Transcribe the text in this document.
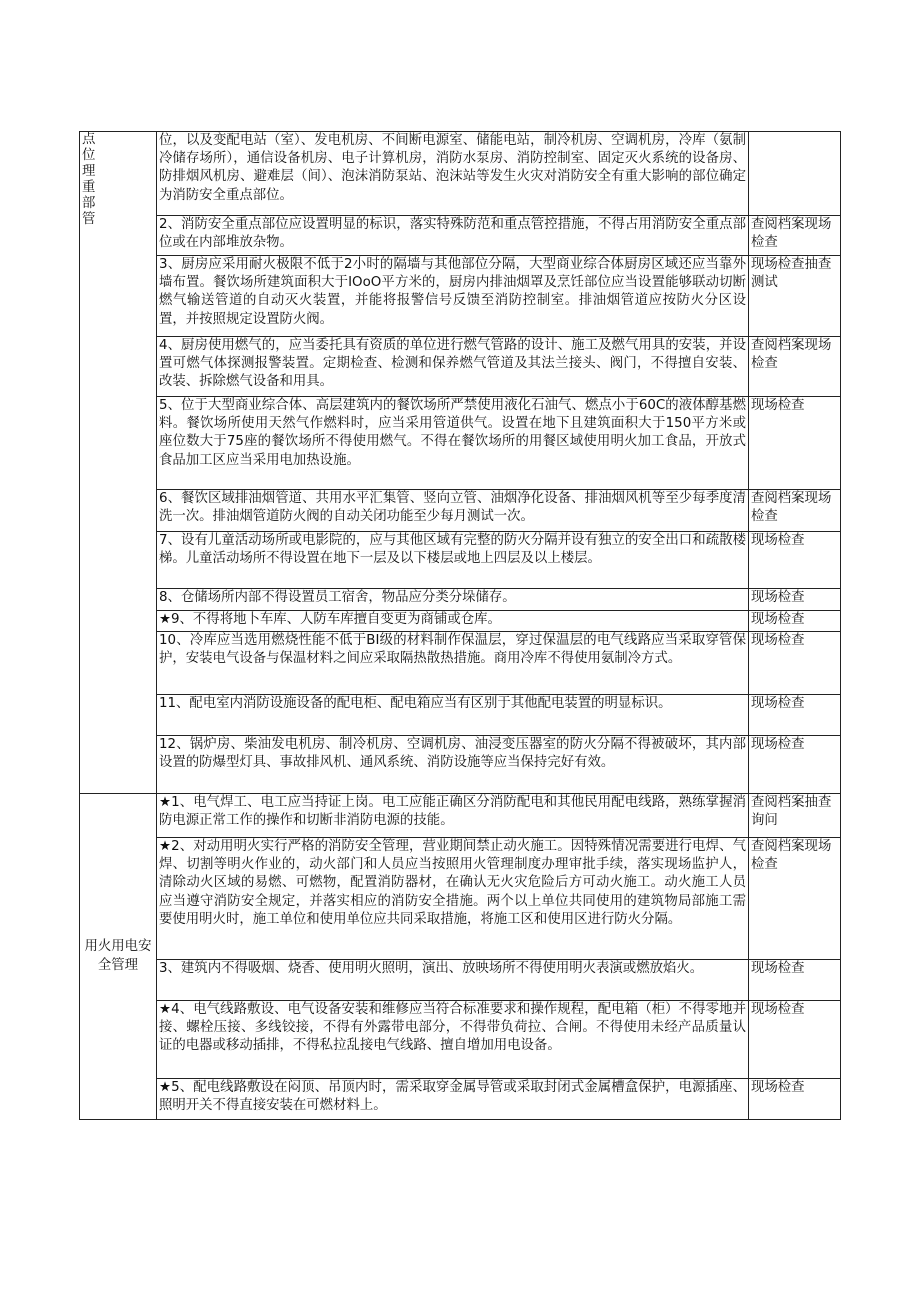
点位理重部管	位，以及变配电站（室）、发电机房、不间断电源室、储能电站，制冷机房、空调机房，冷库（氨制冷储存场所），通信设备机房、电子计算机房，消防水泵房、消防控制室、固定灭火系统的设备房、防排烟风机房、避难层（间）、泡沫消防泵站、泡沫站等发生火灾对消防安全有重大影响的部位确定为消防安全重点部位。	
	2、消防安全重点部位应设置明显的标识，落实特殊防范和重点管控措施，不得占用消防安全重点部位或在内部堆放杂物。	查阅档案现场检查
	3、厨房应采用耐火极限不低于2小时的隔墙与其他部位分隔，大型商业综合体厨房区域还应当靠外墙布置。餐饮场所建筑面积大于IOoO平方米的，厨房内排油烟罩及烹饪部位应当设置能够联动切断燃气输送管道的自动灭火装置，并能将报警信号反馈至消防控制室。排油烟管道应按防火分区设置，并按照规定设置防火阀。	现场检查抽查测试
	4、厨房使用燃气的，应当委托具有资质的单位进行燃气管路的设计、施工及燃气用具的安装，并设置可燃气体探测报警装置。定期检查、检测和保养燃气管道及其法兰接头、阀门，不得擅自安装、改装、拆除燃气设备和用具。	查阅档案现场检查
	5、位于大型商业综合体、高层建筑内的餐饮场所严禁使用液化石油气、燃点小于60C的液体醇基燃料。餐饮场所使用天然气作燃料时，应当采用管道供气。设置在地下且建筑面积大于150平方米或座位数大于75座的餐饮场所不得使用燃气。不得在餐饮场所的用餐区域使用明火加工食品，开放式食品加工区应当采用电加热设施。	现场检查
	6、餐饮区域排油烟管道、共用水平汇集管、竖向立管、油烟净化设备、排油烟风机等至少每季度清洗一次。排油烟管道防火阀的自动关闭功能至少每月测试一次。	查阅档案现场检查
	7、设有儿童活动场所或电影院的，应与其他区域有完整的防火分隔并设有独立的安全出口和疏散楼梯。儿童活动场所不得设置在地下一层及以下楼层或地上四层及以上楼层。	现场检查
	8、仓储场所内部不得设置员工宿舍，物品应分类分垛储存。	现场检查
	★9、不得将地卜车库、人防车库擅自变更为商铺或仓库。	现场检查
	10、冷库应当选用燃烧性能不低于BI级的材料制作保温层，穿过保温层的电气线路应当采取穿管保护，安装电气设备与保温材料之间应采取隔热散热措施。商用冷库不得使用氨制冷方式。	现场检查
	11、配电室内消防设施设备的配电柜、配电箱应当有区别于其他配电装置的明显标识。	现场检查
	12、锅炉房、柴油发电机房、制冷机房、空调机房、油浸变压器室的防火分隔不得被破坏，其内部设置的防爆型灯具、事故排风机、通风系统、消防设施等应当保持完好有效。	现场检查
用火用电安全管理	★1、电气焊工、电工应当持证上岗。电工应能正确区分消防配电和其他民用配电线路，熟练掌握消防电源正常工作的操作和切断非消防电源的技能。	查阅档案抽查询问
	★2、对动用明火实行严格的消防安全管理，营业期间禁止动火施工。因特殊情况需要进行电焊、气焊、切割等明火作业的，动火部门和人员应当按照用火管理制度办理审批手续，落实现场监护人，清除动火区域的易燃、可燃物，配置消防器材，在确认无火灾危险后方可动火施工。动火施工人员应当遵守消防安全规定，并落实相应的消防安全措施。两个以上单位共同使用的建筑物局部施工需要使用明火时，施工单位和使用单位应共同采取措施，将施工区和使用区进行防火分隔。	查阅档案现场检查
	3、建筑内不得吸烟、烧香、使用明火照明，演出、放映场所不得使用明火表演或燃放焰火。	现场检查
	★4、电气线路敷设、电气设备安装和维修应当符合标准要求和操作规程，配电箱（柜）不得零地并接、螺栓压接、多线铰接，不得有外露带电部分，不得带负荷拉、合闸。不得使用未经产品质量认证的电器或移动插排，不得私拉乱接电气线路、擅自增加用电设备。	现场检查
	★5、配电线路敷设在闷顶、吊顶内时，需采取穿金属导管或采取封闭式金属槽盒保护，电源插座、照明开关不得直接安装在可燃材料上。	现场检查
